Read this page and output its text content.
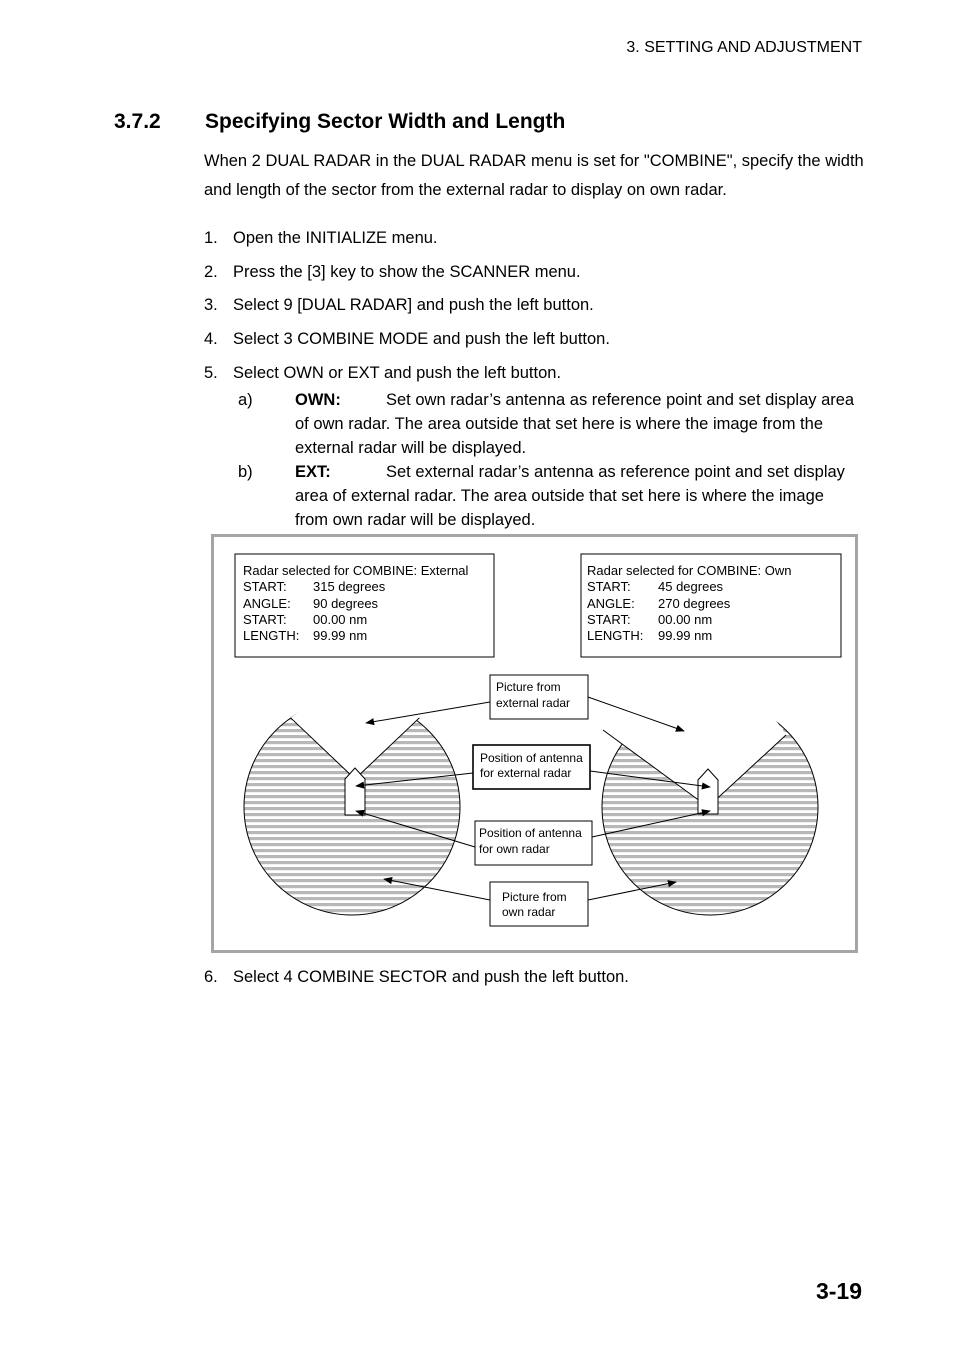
3. SETTING AND ADJUSTMENT
3.7.2 Specifying Sector Width and Length
When 2 DUAL RADAR in the DUAL RADAR menu is set for "COMBINE", specify the width and length of the sector from the external radar to display on own radar.
1. Open the INITIALIZE menu.
2. Press the [3] key to show the SCANNER menu.
3. Select 9 [DUAL RADAR] and push the left button.
4. Select 3 COMBINE MODE and push the left button.
5. Select OWN or EXT and push the left button.
a)	OWN:	Set own radar’s antenna as reference point and set display area of own radar. The area outside that set here is where the image from the external radar will be displayed.
b)	EXT:	Set external radar’s antenna as reference point and set display area of external radar. The area outside that set here is where the image from own radar will be displayed.
Radar selected for COMBINE: External
START: 315 degrees
ANGLE: 90 degrees
START: 00.00 nm
LENGTH: 99.99 nm
Radar selected for COMBINE: Own
START: 45 degrees
ANGLE: 270 degrees
START: 00.00 nm
LENGTH: 99.99 nm
Picture from
external radar
Position of antenna
for external radar
Position of antenna
for own radar
Picture from
own radar
6. Select 4 COMBINE SECTOR and push the left button.
3-19
